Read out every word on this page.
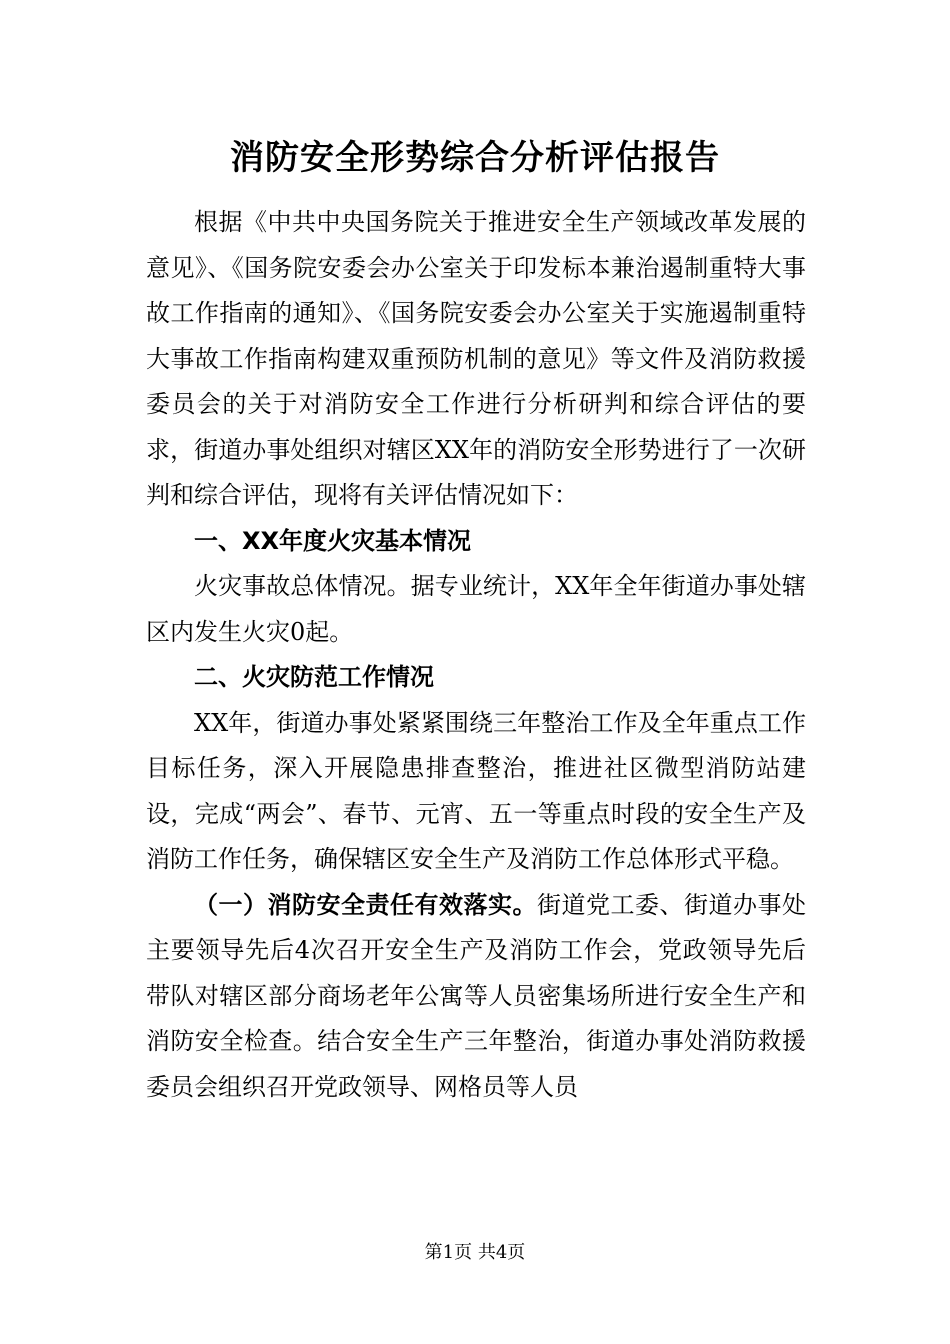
消防安全形势综合分析评估报告

根据《中共中央国务院关于推进安全生产领域改革发展的意见》、《国务院安委会办公室关于印发标本兼治遏制重特大事故工作指南的通知》、《国务院安委会办公室关于实施遏制重特大事故工作指南构建双重预防机制的意见》等文件及消防救援委员会的关于对消防安全工作进行分析研判和综合评估的要求，街道办事处组织对辖区XX年的消防安全形势进行了一次研判和综合评估，现将有关评估情况如下：

一、XX年度火灾基本情况

火灾事故总体情况。据专业统计，XX年全年街道办事处辖区内发生火灾0起。

二、火灾防范工作情况

XX年，街道办事处紧紧围绕三年整治工作及全年重点工作目标任务，深入开展隐患排查整治，推进社区微型消防站建设，完成“两会”、春节、元宵、五一等重点时段的安全生产及消防工作任务，确保辖区安全生产及消防工作总体形式平稳。

（一）消防安全责任有效落实。街道党工委、街道办事处主要领导先后4次召开安全生产及消防工作会，党政领导先后带队对辖区部分商场老年公寓等人员密集场所进行安全生产和消防安全检查。结合安全生产三年整治，街道办事处消防救援委员会组织召开党政领导、网格员等人员

第1页 共4页
